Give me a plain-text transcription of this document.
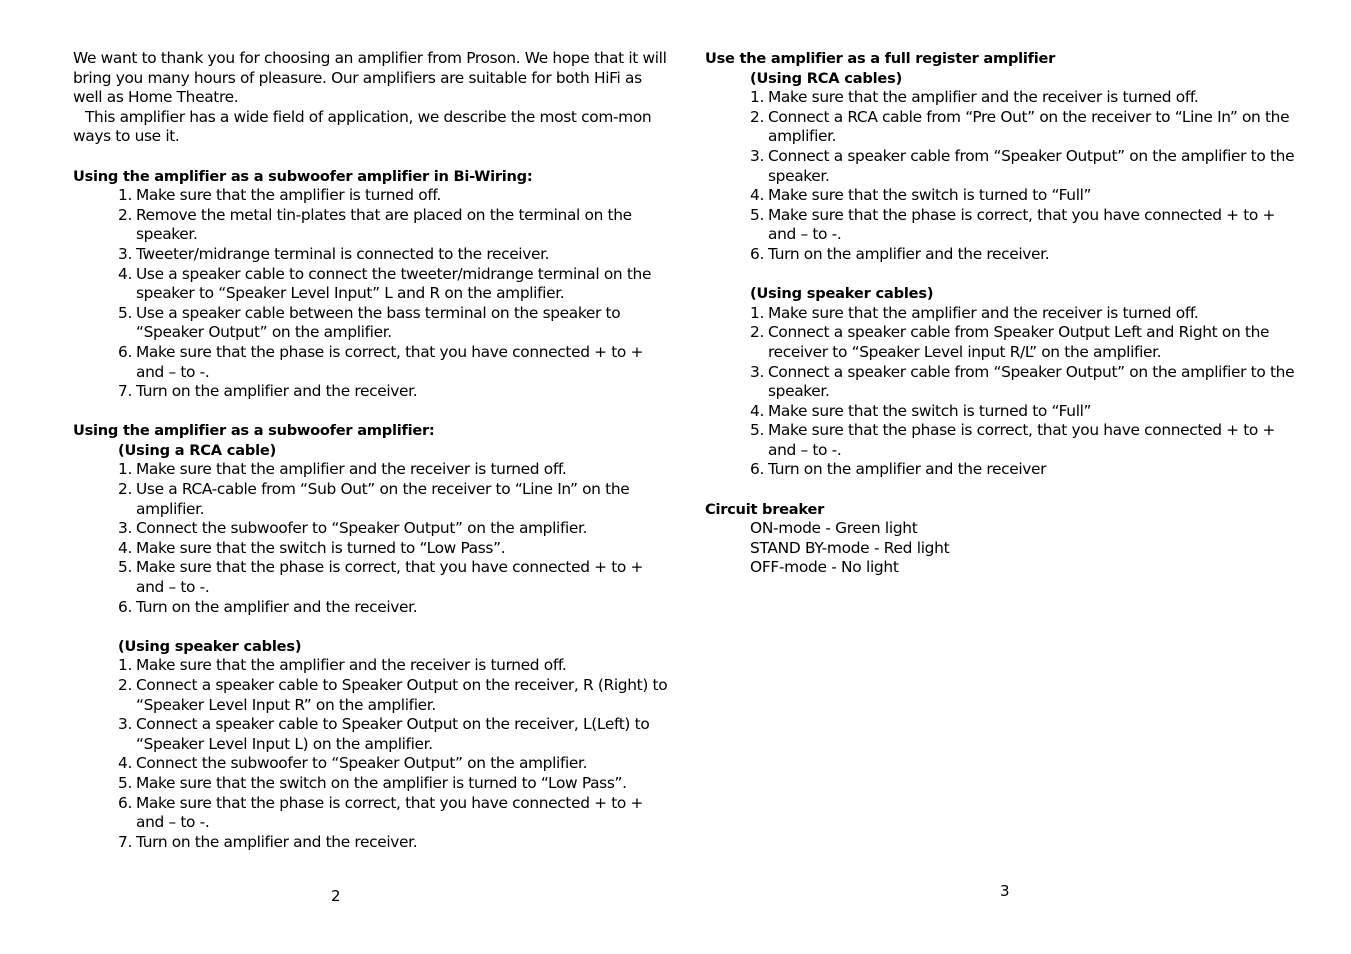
We want to thank you for choosing an amplifier from Proson. We hope that it will bring you many hours of pleasure. Our amplifiers are suitable for both HiFi as well as Home Theatre.

This amplifier has a wide field of application, we describe the most com-mon ways to use it.

Using the amplifier as a subwoofer amplifier in Bi-Wiring:

1. Make sure that the amplifier is turned off.
2. Remove the metal tin-plates that are placed on the terminal on the speaker.
3. Tweeter/midrange terminal is connected to the receiver.
4. Use a speaker cable to connect the tweeter/midrange terminal on the speaker to “Speaker Level Input” L and R on the amplifier.
5. Use a speaker cable between the bass terminal on the speaker to “Speaker Output” on the amplifier.
6. Make sure that the phase is correct, that you have connected + to + and – to -.
7. Turn on the amplifier and the receiver.

Using the amplifier as a subwoofer amplifier:

(Using a RCA cable)

1. Make sure that the amplifier and the receiver is turned off.
2. Use a RCA-cable from “Sub Out” on the receiver to “Line In” on the amplifier.
3. Connect the subwoofer to “Speaker Output” on the amplifier.
4. Make sure that the switch is turned to “Low Pass”.
5. Make sure that the phase is correct, that you have connected + to + and – to -.
6. Turn on the amplifier and the receiver.

(Using speaker cables)

1. Make sure that the amplifier and the receiver is turned off.
2. Connect a speaker cable to Speaker Output on the receiver, R (Right) to “Speaker Level Input R” on the amplifier.
3. Connect a speaker cable to Speaker Output on the receiver, L(Left) to “Speaker Level Input L) on the amplifier.
4. Connect the subwoofer to “Speaker Output” on the amplifier.
5. Make sure that the switch on the amplifier is turned to “Low Pass”.
6. Make sure that the phase is correct, that you have connected + to + and – to -.
7. Turn on the amplifier and the receiver.

Use the amplifier as a full register amplifier

(Using RCA cables)

1. Make sure that the amplifier and the receiver is turned off.
2. Connect a RCA cable from “Pre Out” on the receiver to “Line In” on the amplifier.
3. Connect a speaker cable from “Speaker Output” on the amplifier to the speaker.
4. Make sure that the switch is turned to “Full”
5. Make sure that the phase is correct, that you have connected + to + and – to -.
6. Turn on the amplifier and the receiver.

(Using speaker cables)

1. Make sure that the amplifier and the receiver is turned off.
2. Connect a speaker cable from Speaker Output Left and Right on the receiver to “Speaker Level input R/L” on the amplifier.
3. Connect a speaker cable from “Speaker Output” on the amplifier to the speaker.
4. Make sure that the switch is turned to “Full”
5. Make sure that the phase is correct, that you have connected + to + and – to -.
6. Turn on the amplifier and the receiver

Circuit breaker

ON-mode - Green light

STAND BY-mode - Red light

OFF-mode - No light

2	3
